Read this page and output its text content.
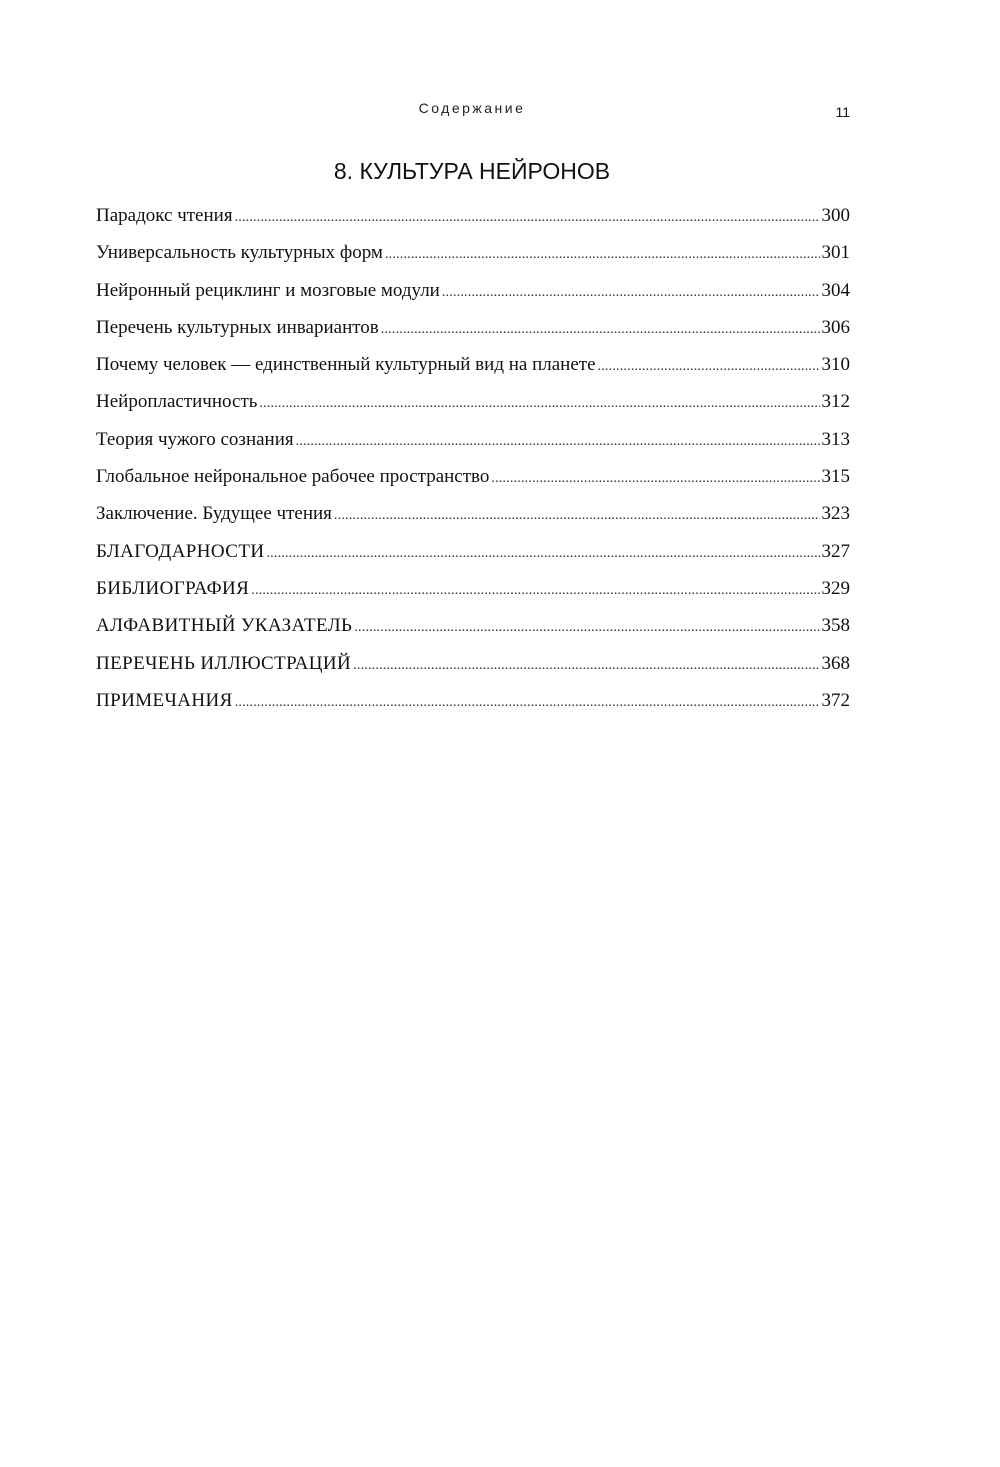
Содержание	11
8. КУЛЬТУРА НЕЙРОНОВ
Парадокс чтения .....	300
Универсальность культурных форм .....	301
Нейронный рециклинг и мозговые модули .....	304
Перечень культурных инвариантов .....	306
Почему человек — единственный культурный вид на планете .....	310
Нейропластичность .....	312
Теория чужого сознания .....	313
Глобальное нейрональное рабочее пространство .....	315
Заключение. Будущее чтения .....	323
БЛАГОДАРНОСТИ .....	327
БИБЛИОГРАФИЯ .....	329
АЛФАВИТНЫЙ УКАЗАТЕЛЬ .....	358
ПЕРЕЧЕНЬ ИЛЛЮСТРАЦИЙ .....	368
ПРИМЕЧАНИЯ .....	372
